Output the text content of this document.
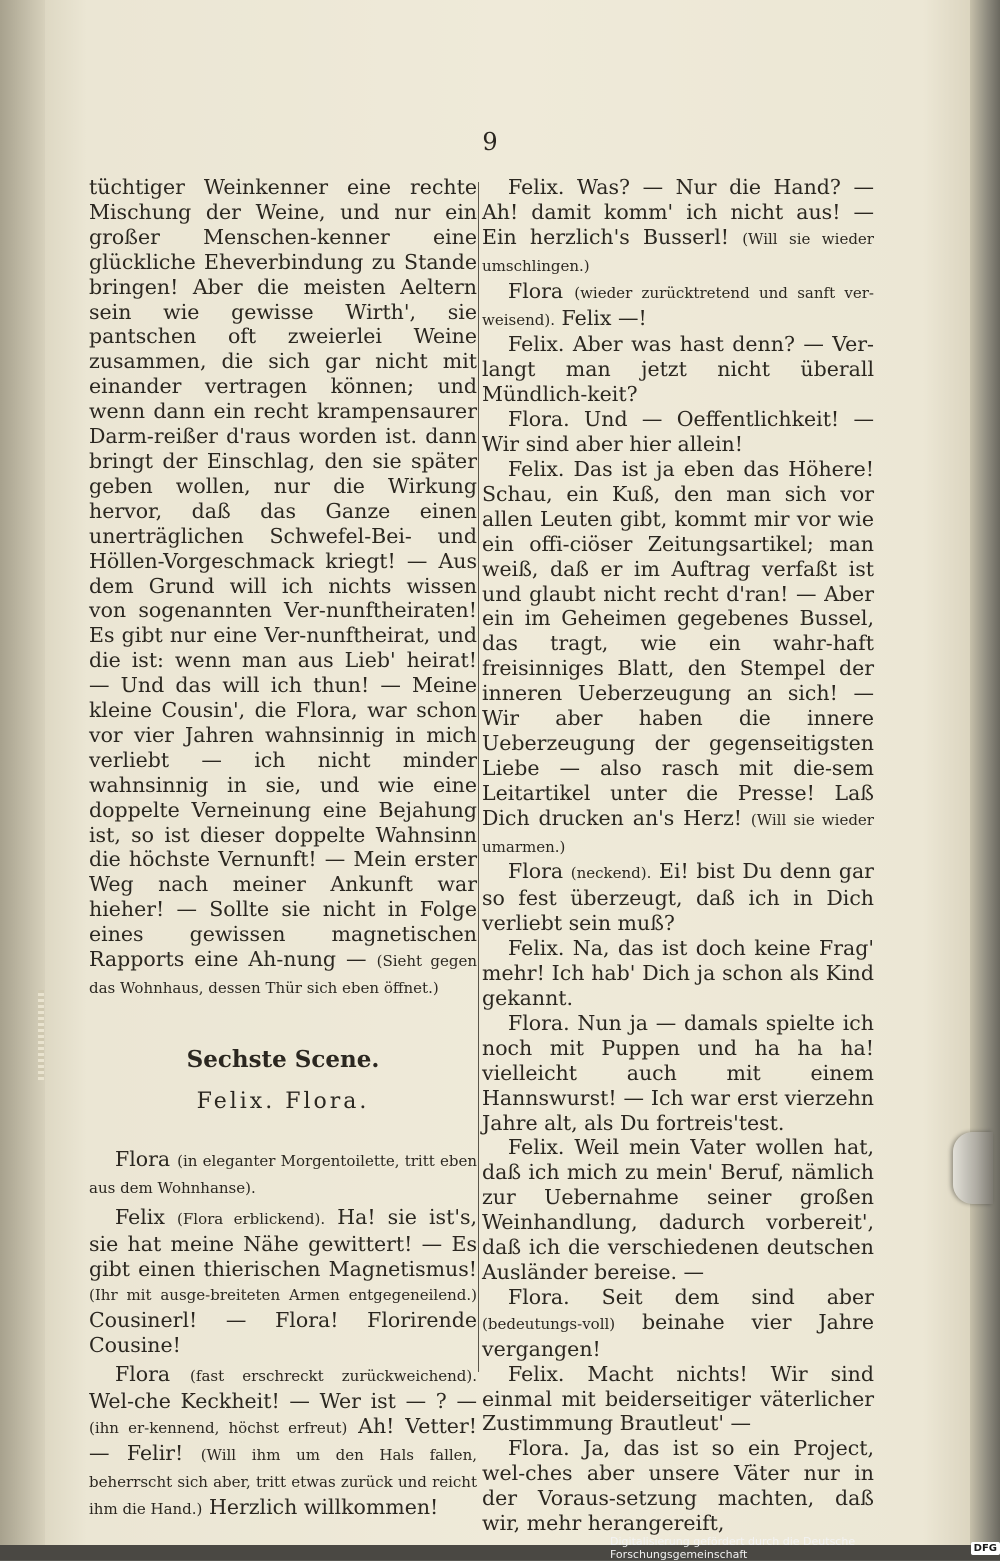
9

tüchtiger Weinkenner eine rechte Mischung der Weine, und nur ein großer Menschen-kenner eine glückliche Eheverbindung zu Stande bringen! Aber die meisten Aeltern sein wie gewisse Wirth', sie pantschen oft zweierlei Weine zusammen, die sich gar nicht mit einander vertragen können; und wenn dann ein recht krampensaurer Darm-reißer d'raus worden ist. dann bringt der Einschlag, den sie später geben wollen, nur die Wirkung hervor, daß das Ganze einen unerträglichen Schwefel-Bei- und Höllen-Vorgeschmack kriegt! — Aus dem Grund will ich nichts wissen von sogenannten Ver-nunftheiraten! Es gibt nur eine Ver-nunftheirat, und die ist: wenn man aus Lieb' heirat! — Und das will ich thun! — Meine kleine Cousin', die Flora, war schon vor vier Jahren wahnsinnig in mich verliebt — ich nicht minder wahnsinnig in sie, und wie eine doppelte Verneinung eine Bejahung ist, so ist dieser doppelte Wahnsinn die höchste Vernunft! — Mein erster Weg nach meiner Ankunft war hieher! — Sollte sie nicht in Folge eines gewissen magnetischen Rapports eine Ah-nung — (Sieht gegen das Wohnhaus, dessen Thür sich eben öffnet.)

Sechste Scene.

Felix. Flora.

Flora (in eleganter Morgentoilette, tritt eben aus dem Wohnhanse).

Felix (Flora erblickend). Ha! sie ist's, sie hat meine Nähe gewittert! — Es gibt einen thierischen Magnetismus! (Ihr mit ausge-breiteten Armen entgegeneilend.) Cousinerl! — Flora! Florirende Cousine!

Flora (fast erschreckt zurückweichend). Wel-che Keckheit! — Wer ist — ? — (ihn er-kennend, höchst erfreut) Ah! Vetter! — Felir! (Will ihm um den Hals fallen, beherrscht sich aber, tritt etwas zurück und reicht ihm die Hand.) Herzlich willkommen!

Felix. Was? — Nur die Hand? — Ah! damit komm' ich nicht aus! — Ein herzlich's Busserl! (Will sie wieder umschlingen.)

Flora (wieder zurücktretend und sanft ver-weisend). Felix —!

Felix. Aber was hast denn? — Ver-langt man jetzt nicht überall Mündlich-keit?

Flora. Und — Oeffentlichkeit! — Wir sind aber hier allein!

Felix. Das ist ja eben das Höhere! Schau, ein Kuß, den man sich vor allen Leuten gibt, kommt mir vor wie ein offi-ciöser Zeitungsartikel; man weiß, daß er im Auftrag verfaßt ist und glaubt nicht recht d'ran! — Aber ein im Geheimen gegebenes Bussel, das tragt, wie ein wahr-haft freisinniges Blatt, den Stempel der inneren Ueberzeugung an sich! — Wir aber haben die innere Ueberzeugung der gegenseitigsten Liebe — also rasch mit die-sem Leitartikel unter die Presse! Laß Dich drucken an's Herz! (Will sie wieder umarmen.)

Flora (neckend). Ei! bist Du denn gar so fest überzeugt, daß ich in Dich verliebt sein muß?

Felix. Na, das ist doch keine Frag' mehr! Ich hab' Dich ja schon als Kind gekannt.

Flora. Nun ja — damals spielte ich noch mit Puppen und ha ha ha! vielleicht auch mit einem Hannswurst! — Ich war erst vierzehn Jahre alt, als Du fortreis'test.

Felix. Weil mein Vater wollen hat, daß ich mich zu mein' Beruf, nämlich zur Uebernahme seiner großen Weinhandlung, dadurch vorbereit', daß ich die verschiedenen deutschen Ausländer bereise. —

Flora. Seit dem sind aber (bedeutungs-voll) beinahe vier Jahre vergangen!

Felix. Macht nichts! Wir sind einmal mit beiderseitiger väterlicher Zustimmung Brautleut' —

Flora. Ja, das ist so ein Project, wel-ches aber unsere Väter nur in der Voraus-setzung machten, daß wir, mehr herangereift,

Digitalisierung gefördert durch die Deutsche Forschungsgemeinschaft	DFG
